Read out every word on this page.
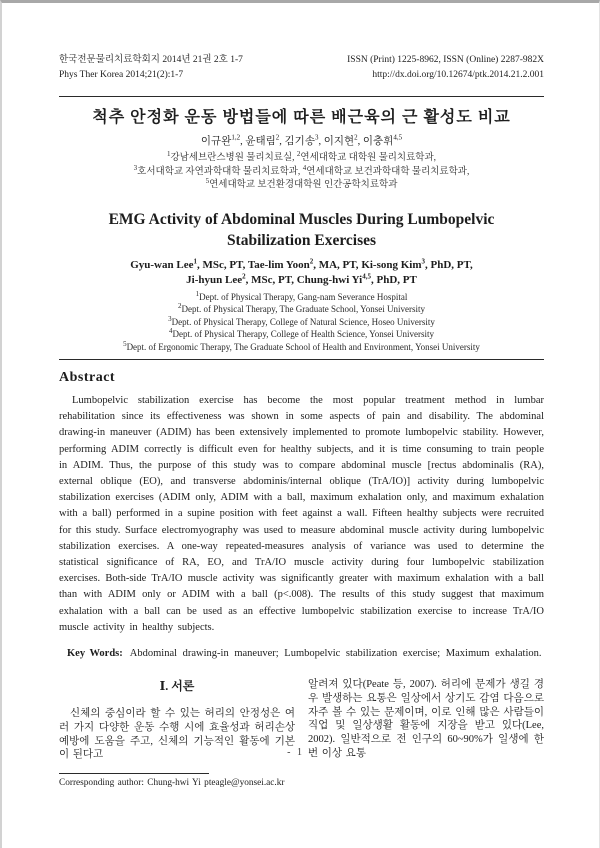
한국전문물리치료학회지 2014년 21권 2호 1-7
Phys Ther Korea 2014;21(2):1-7
ISSN (Print) 1225-8962, ISSN (Online) 2287-982X
http://dx.doi.org/10.12674/ptk.2014.21.2.001
척추 안정화 운동 방법들에 따른 배근육의 근 활성도 비교
이규완$^{1,2}$, 윤태림$^2$, 김기송$^3$, 이지현$^2$, 이충휘$^{4,5}$
$^1$강남세브란스병원 물리치료실, $^2$연세대학교 대학원 물리치료학과,
$^3$호서대학교 자연과학대학 물리치료학과, $^4$연세대학교 보건과학대학 물리치료학과,
$^5$연세대학교 보건환경대학원 인간공학치료학과
EMG Activity of Abdominal Muscles During Lumbopelvic
Stabilization Exercises
Gyu-wan Lee$^1$, MSc, PT, Tae-lim Yoon$^2$, MA, PT, Ki-song Kim$^3$, PhD, PT,
Ji-hyun Lee$^2$, MSc, PT, Chung-hwi Yi$^{4,5}$, PhD, PT
$^1$Dept. of Physical Therapy, Gang-nam Severance Hospital
$^2$Dept. of Physical Therapy, The Graduate School, Yonsei University
$^3$Dept. of Physical Therapy, College of Natural Science, Hoseo University
$^4$Dept. of Physical Therapy, College of Health Science, Yonsei University
$^5$Dept. of Ergonomic Therapy, The Graduate School of Health and Environment, Yonsei University
Abstract
Lumbopelvic stabilization exercise has become the most popular treatment method in lumbar rehabilitation since its effectiveness was shown in some aspects of pain and disability. The abdominal drawing-in maneuver (ADIM) has been extensively implemented to promote lumbopelvic stability. However, performing ADIM correctly is difficult even for healthy subjects, and it is time consuming to train people in ADIM. Thus, the purpose of this study was to compare abdominal muscle [rectus abdominalis (RA), external oblique (EO), and transverse abdominis/internal oblique (TrA/IO)] activity during lumbopelvic stabilization exercises (ADIM only, ADIM with a ball, maximum exhalation only, and maximum exhalation with a ball) performed in a supine position with feet against a wall. Fifteen healthy subjects were recruited for this study. Surface electromyography was used to measure abdominal muscle activity during lumbopelvic stabilization exercises. A one-way repeated-measures analysis of variance was used to determine the statistical significance of RA, EO, and TrA/IO muscle activity during four lumbopelvic stabilization exercises. Both-side TrA/IO muscle activity was significantly greater with maximum exhalation with a ball than with ADIM only or ADIM with a ball (p<.008). The results of this study suggest that maximum exhalation with a ball can be used as an effective lumbopelvic stabilization exercise to increase TrA/IO muscle activity in healthy subjects.
Key Words: Abdominal drawing-in maneuver; Lumbopelvic stabilization exercise; Maximum exhalation.
Ⅰ. 서론
신체의 중심이라 할 수 있는 허리의 안정성은 여러 가지 다양한 운동 수행 시에 효율성과 허리손상 예방에 도움을 주고, 신체의 기능적인 활동에 기본이 된다고
Corresponding author: Chung-hwi Yi pteagle@yonsei.ac.kr
알려져 있다(Peate 등, 2007). 허리에 문제가 생길 경우 발생하는 요통은 일상에서 상기도 감염 다음으로 자주 볼 수 있는 문제이며, 이로 인해 많은 사람들이 직업 및 일상생활 활동에 지장을 받고 있다(Lee, 2002). 일반적으로 전 인구의 60~90%가 일생에 한 번 이상 요통
- 1 -
